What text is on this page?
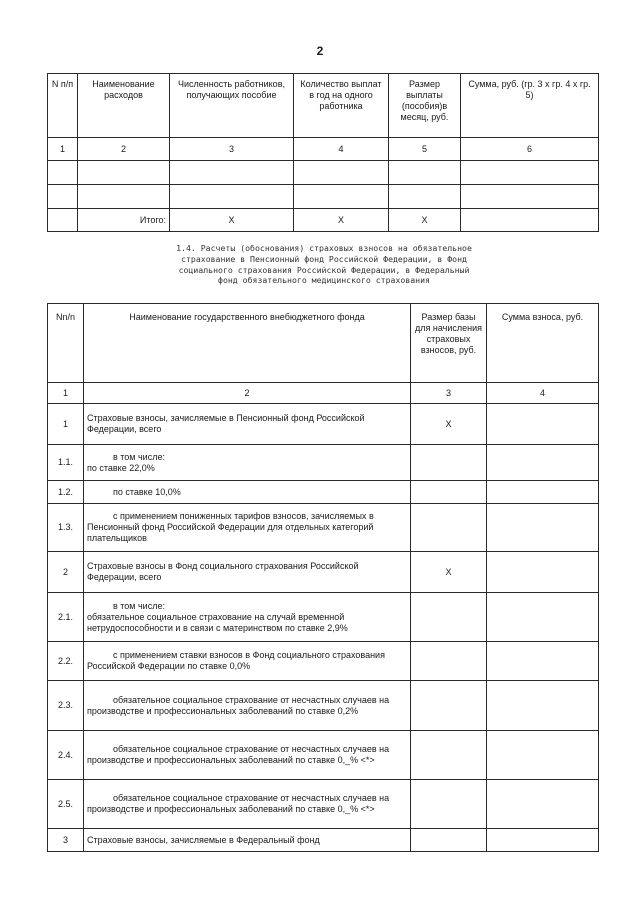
2
N п/п	Наименование расходов	Численность работников, получающих пособие	Количество выплат в год на одного работника	Размер выплаты (пособия)в месяц, руб.	Сумма, руб. (гр. 3 х гр. 4 х гр. 5)
1	2	3	4	5	6

	Итого:	Х	Х	Х	
1.4. Расчеты (обоснования) страховых взносов на обязательное
страхование в Пенсионный фонд Российской Федерации, в Фонд
социального страхования Российской Федерации, в Федеральный
фонд обязательного медицинского страхования
Nn/n	Наименование государственного внебюджетного фонда	Размер базы для начисления страховых взносов, руб.	Сумма взноса, руб.
1	2	3	4
1	Страховые взносы, зачисляемые в Пенсионный фонд Российской Федерации, всего	Х	
1.1.	в том числе:
по ставке 22,0%		
1.2.	по ставке 10,0%		
1.3.	с применением пониженных тарифов взносов, зачисляемых в Пенсионный фонд Российской Федерации для отдельных категорий плательщиков		
2	Страховые взносы в Фонд социального страхования Российской Федерации, всего	Х	
2.1.	в том числе:
обязательное социальное страхование на случай временной нетрудоспособности и в связи с материнством по ставке 2,9%		
2.2.	с применением ставки взносов в Фонд социального страхования Российской Федерации по ставке 0,0%		
2.3.	обязательное социальное страхование от несчастных случаев на производстве и профессиональных заболеваний по ставке 0,2%		
2.4.	обязательное социальное страхование от несчастных случаев на производстве и профессиональных заболеваний по ставке 0,_% <*>		
2.5.	обязательное социальное страхование от несчастных случаев на производстве и профессиональных заболеваний по ставке 0,_% <*>		
3	Страховые взносы, зачисляемые в Федеральный фонд		
